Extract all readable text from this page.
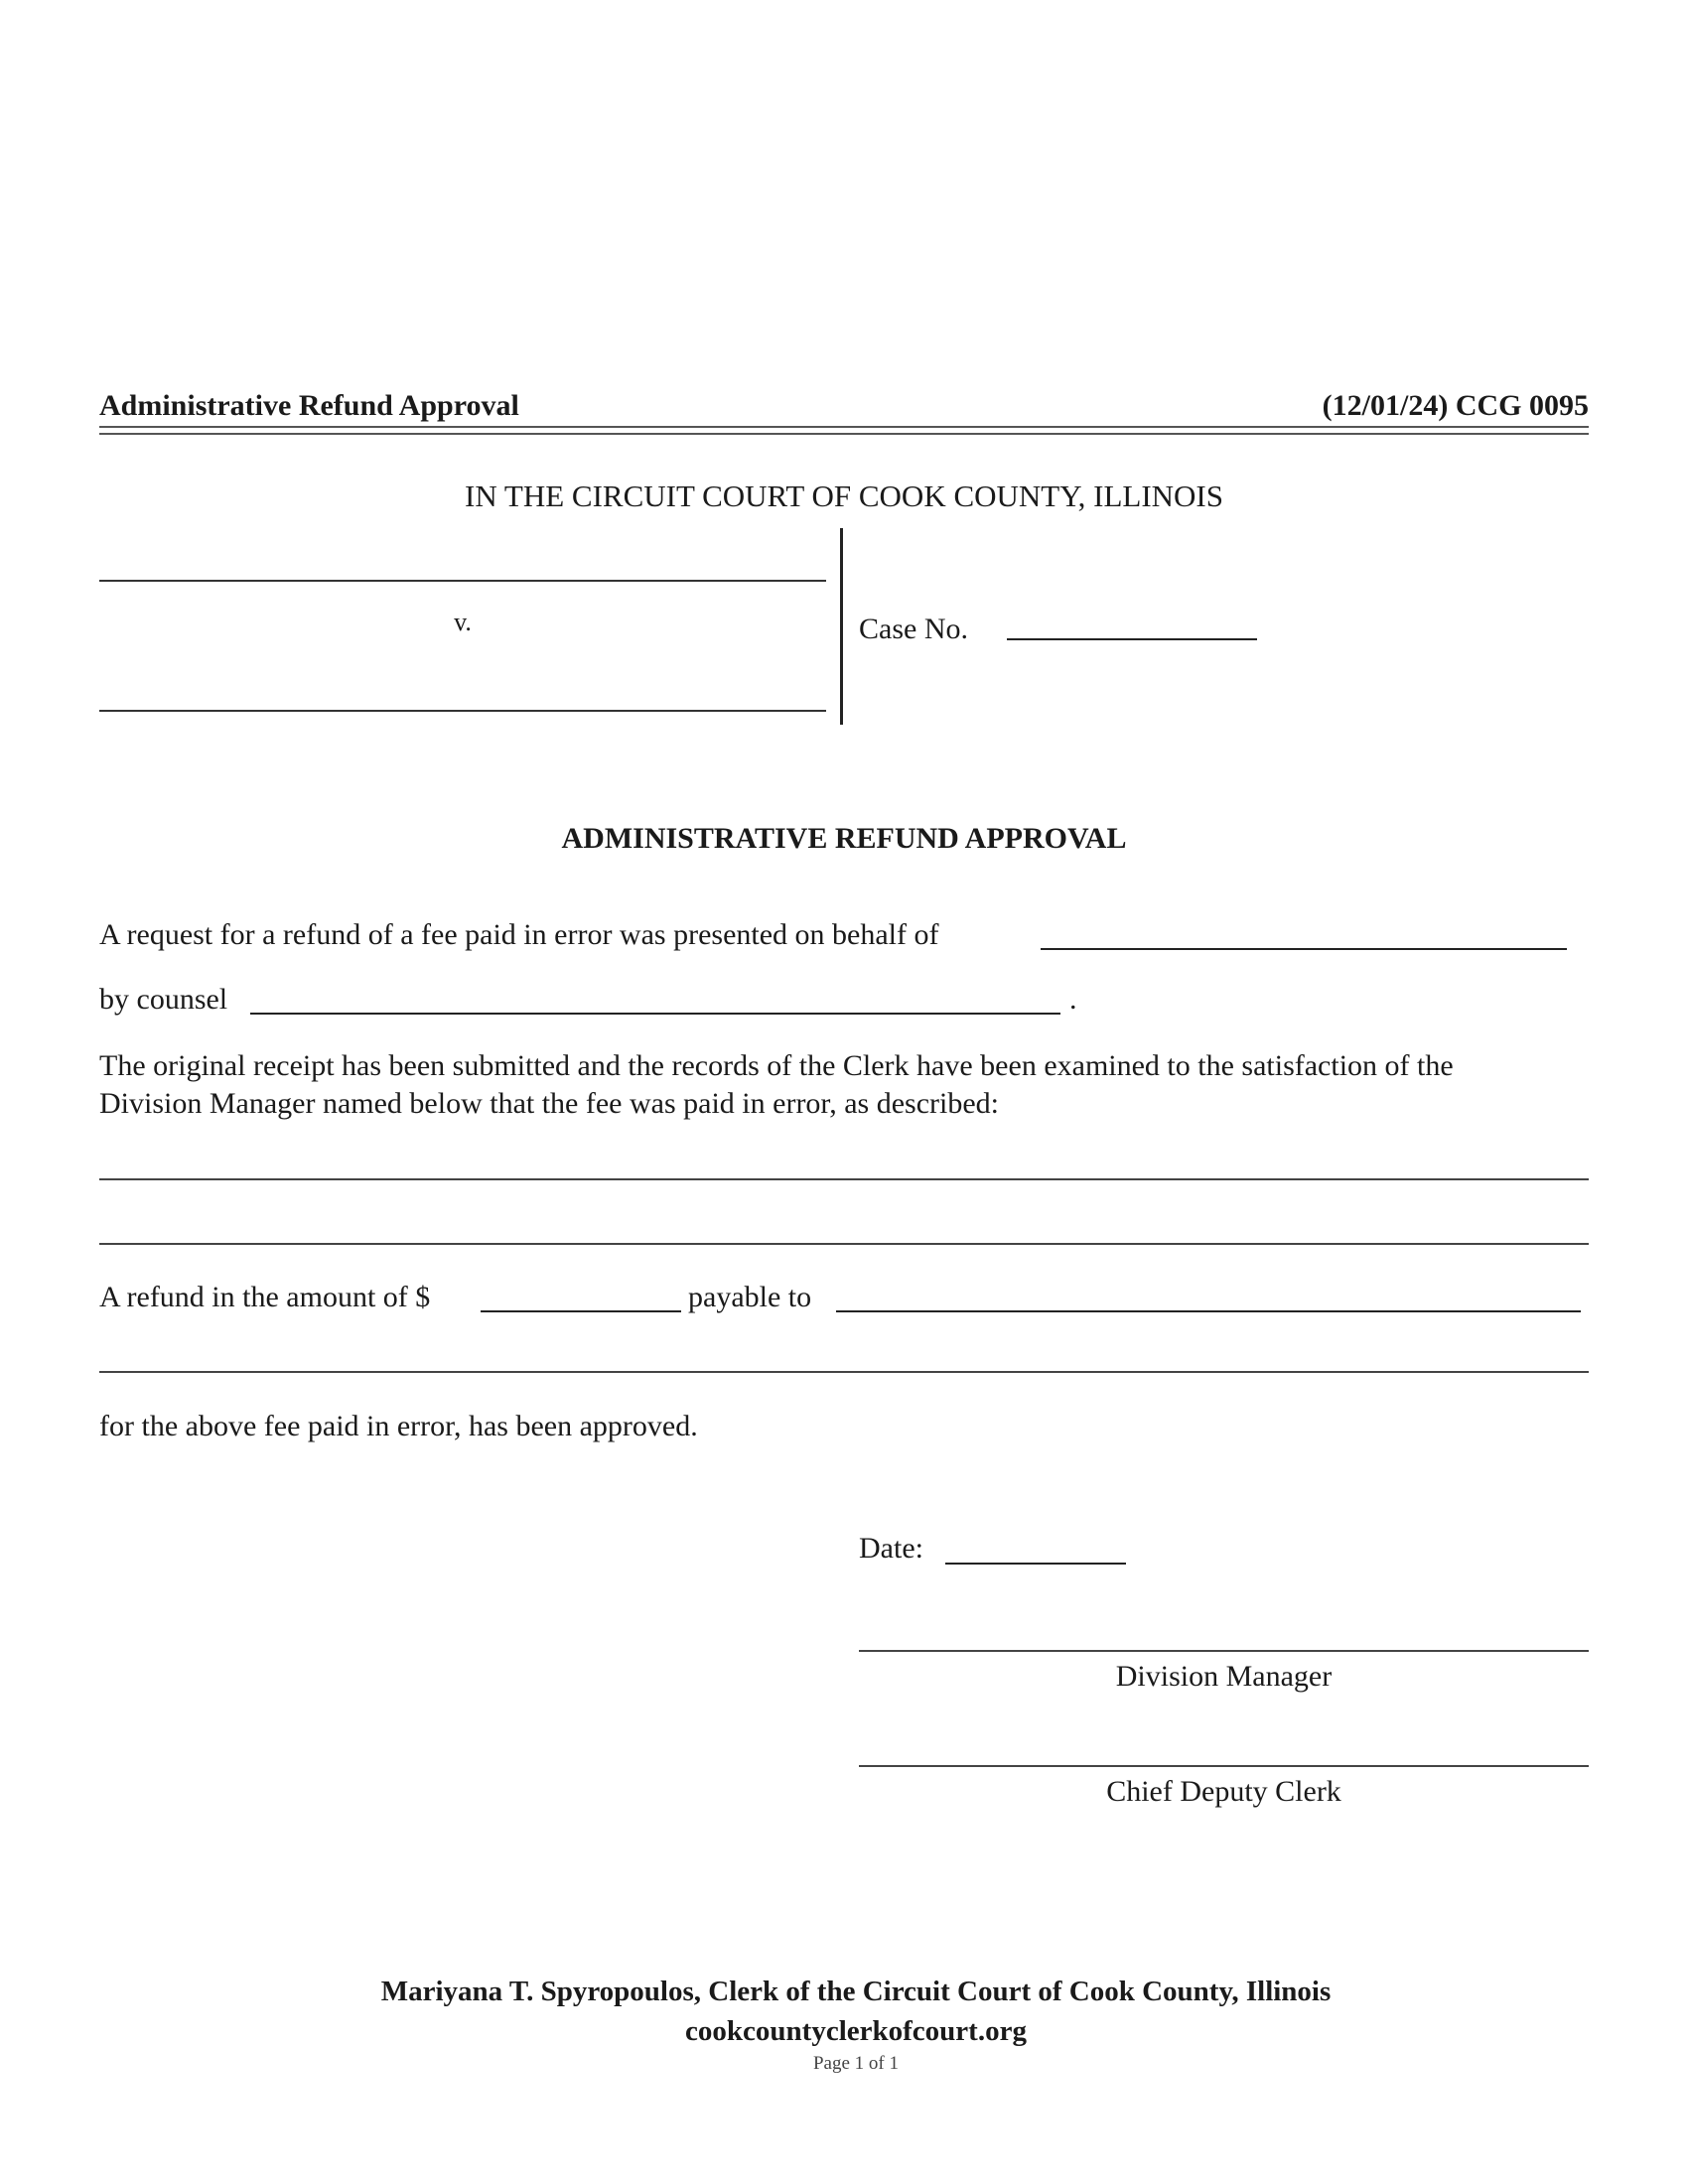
Administrative Refund Approval	(12/01/24) CCG 0095
IN THE CIRCUIT COURT OF COOK COUNTY, ILLINOIS
v.	Case No.
ADMINISTRATIVE REFUND APPROVAL
A request for a refund of a fee paid in error was presented on behalf of
by counsel	.
The original receipt has been submitted and the records of the Clerk have been examined to the satisfaction of the
Division Manager named below that the fee was paid in error, as described:
A refund in the amount of $	payable to
for the above fee paid in error, has been approved.
Date:
Division Manager
Chief Deputy Clerk
Mariyana T. Spyropoulos, Clerk of the Circuit Court of Cook County, Illinois
cookcountyclerkofcourt.org
Page 1 of 1
